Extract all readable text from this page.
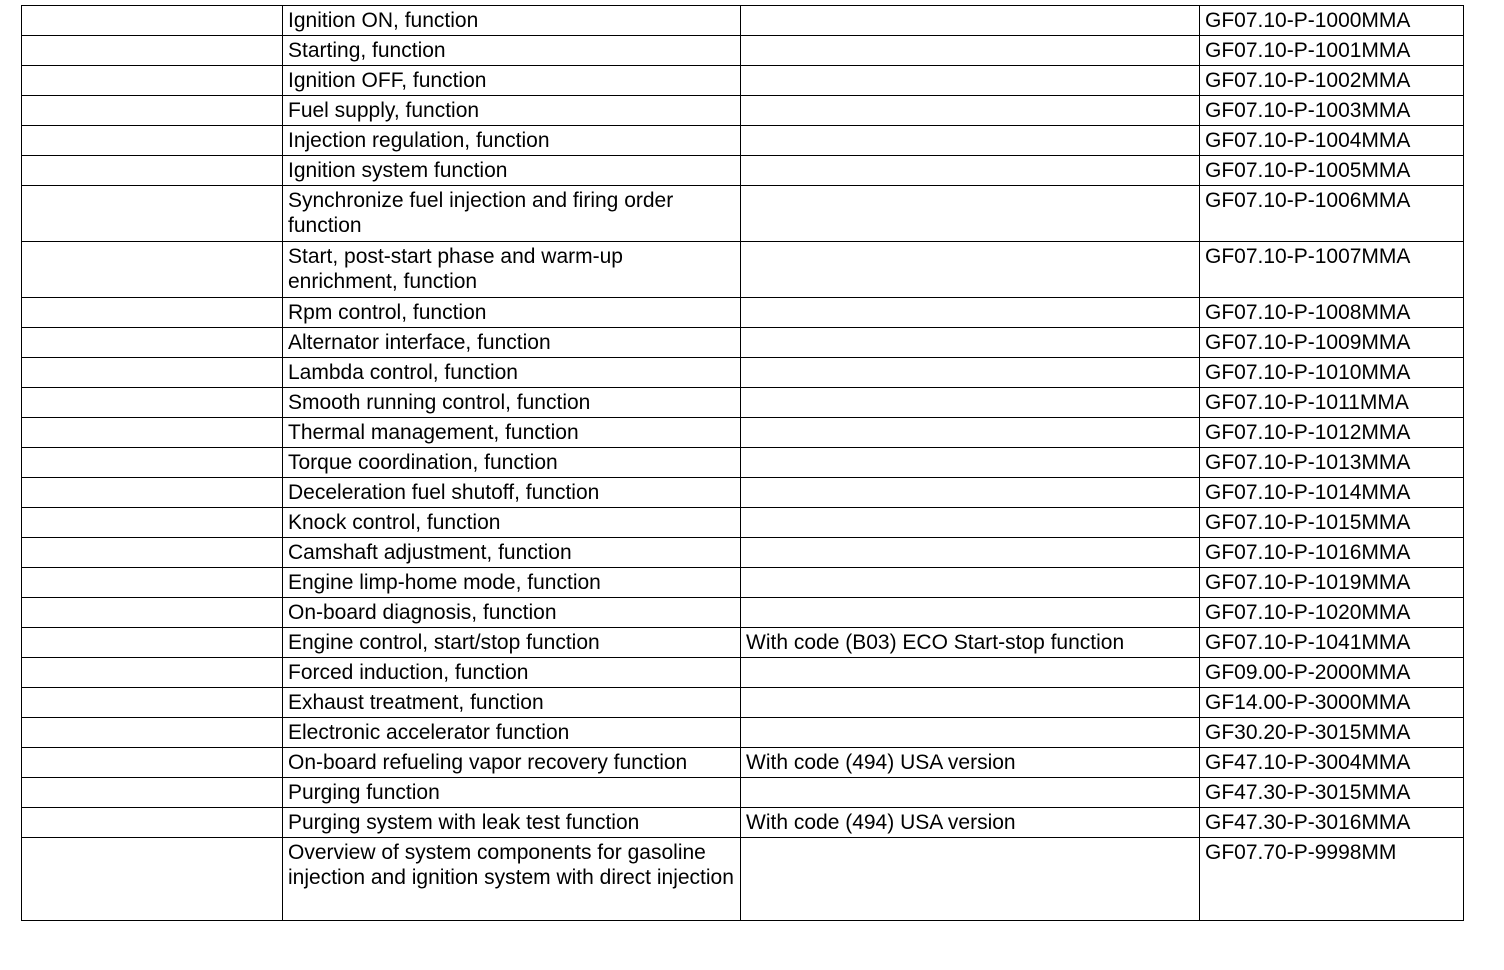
	Ignition ON, function		GF07.10-P-1000MMA
	Starting, function		GF07.10-P-1001MMA
	Ignition OFF, function		GF07.10-P-1002MMA
	Fuel supply, function		GF07.10-P-1003MMA
	Injection regulation, function		GF07.10-P-1004MMA
	Ignition system function		GF07.10-P-1005MMA
	Synchronize fuel injection and firing order function		GF07.10-P-1006MMA
	Start, post-start phase and warm-up enrichment, function		GF07.10-P-1007MMA
	Rpm control, function		GF07.10-P-1008MMA
	Alternator interface, function		GF07.10-P-1009MMA
	Lambda control, function		GF07.10-P-1010MMA
	Smooth running control, function		GF07.10-P-1011MMA
	Thermal management, function		GF07.10-P-1012MMA
	Torque coordination, function		GF07.10-P-1013MMA
	Deceleration fuel shutoff, function		GF07.10-P-1014MMA
	Knock control, function		GF07.10-P-1015MMA
	Camshaft adjustment, function		GF07.10-P-1016MMA
	Engine limp-home mode, function		GF07.10-P-1019MMA
	On-board diagnosis, function		GF07.10-P-1020MMA
	Engine control, start/stop function	With code (B03) ECO Start-stop function	GF07.10-P-1041MMA
	Forced induction, function		GF09.00-P-2000MMA
	Exhaust treatment, function		GF14.00-P-3000MMA
	Electronic accelerator function		GF30.20-P-3015MMA
	On-board refueling vapor recovery function	With code (494) USA version	GF47.10-P-3004MMA
	Purging function		GF47.30-P-3015MMA
	Purging system with leak test function	With code (494) USA version	GF47.30-P-3016MMA
	Overview of system components for gasoline injection and ignition system with direct injection		GF07.70-P-9998MM
